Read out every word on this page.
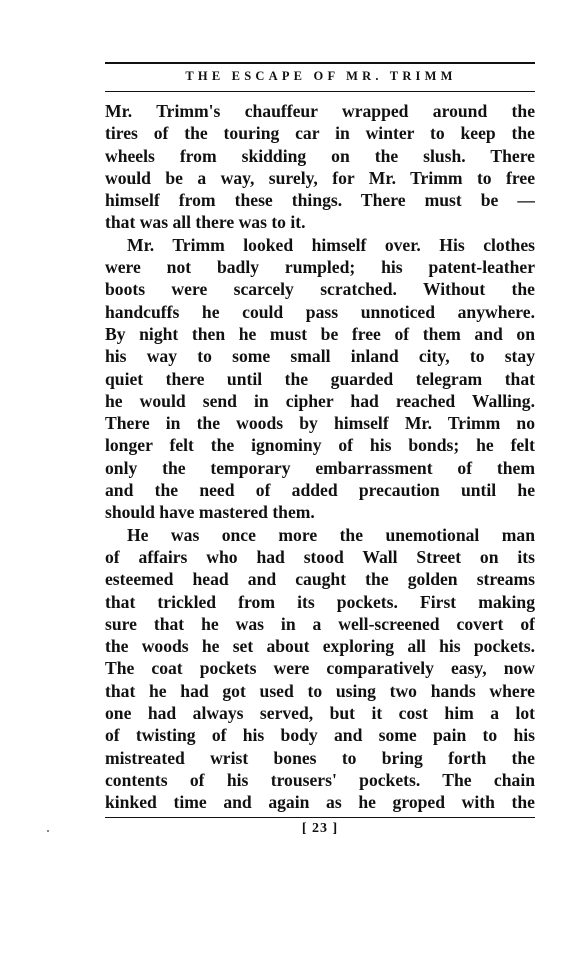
THE ESCAPE OF MR. TRIMM
Mr. Trimm's chauffeur wrapped around the
tires of the touring car in winter to keep the
wheels from skidding on the slush. There
would be a way, surely, for Mr. Trimm to free
himself from these things. There must be —
that was all there was to it.
Mr. Trimm looked himself over. His clothes
were not badly rumpled; his patent-leather
boots were scarcely scratched. Without the
handcuffs he could pass unnoticed anywhere.
By night then he must be free of them and on
his way to some small inland city, to stay
quiet there until the guarded telegram that
he would send in cipher had reached Walling.
There in the woods by himself Mr. Trimm no
longer felt the ignominy of his bonds; he felt
only the temporary embarrassment of them
and the need of added precaution until he
should have mastered them.
He was once more the unemotional man
of affairs who had stood Wall Street on its
esteemed head and caught the golden streams
that trickled from its pockets. First making
sure that he was in a well-screened covert of
the woods he set about exploring all his pockets.
The coat pockets were comparatively easy, now
that he had got used to using two hands where
one had always served, but it cost him a lot
of twisting of his body and some pain to his
mistreated wrist bones to bring forth the
contents of his trousers' pockets. The chain
kinked time and again as he groped with the
[ 23 ]
